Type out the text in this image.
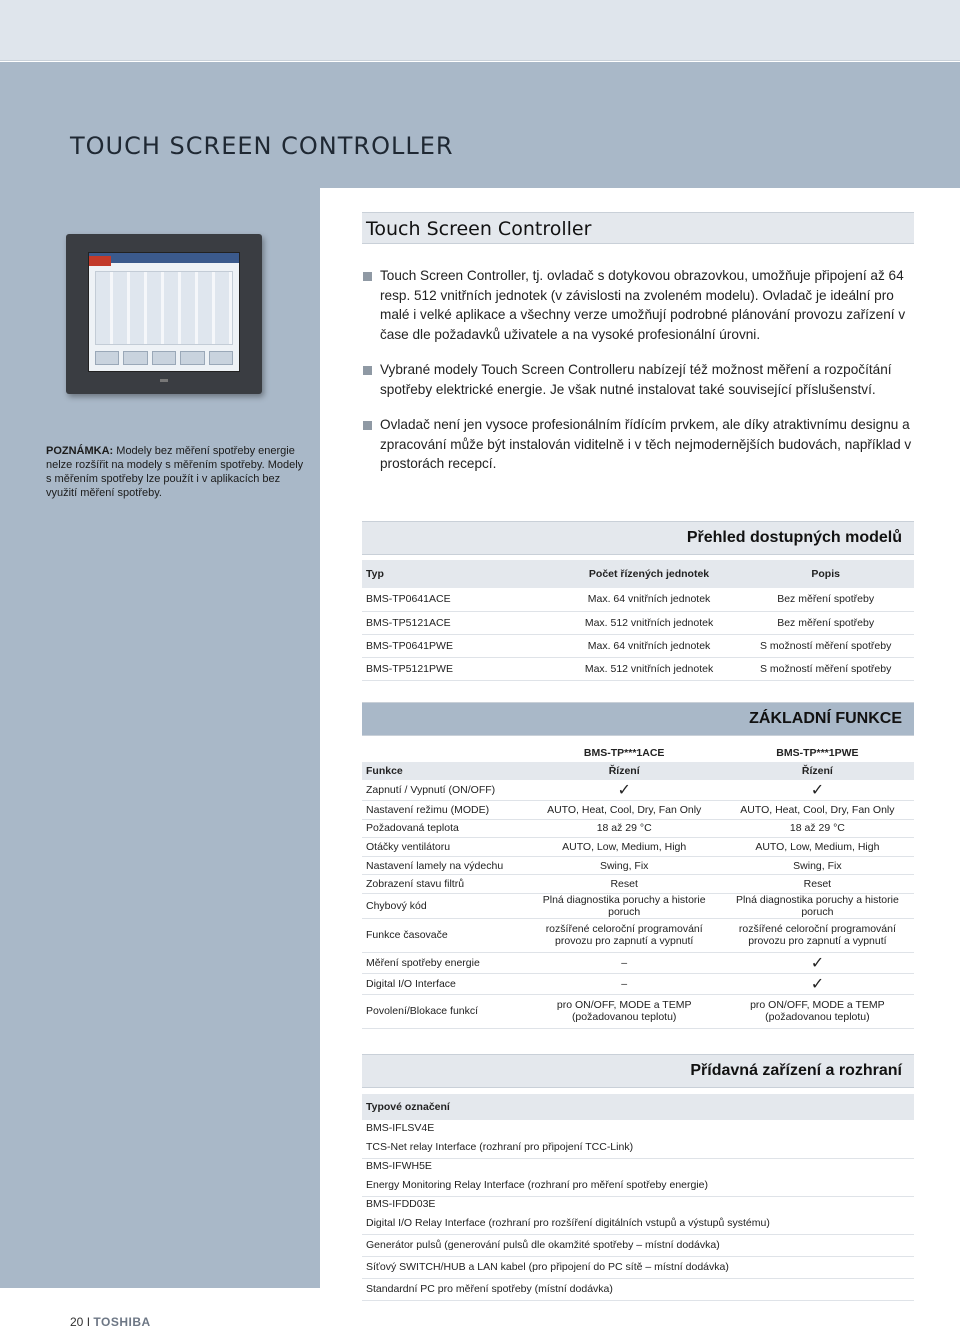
TOUCH SCREEN CONTROLLER
POZNÁMKA: Modely bez měření spotřeby energie nelze rozšířit na modely s měřením spotřeby. Modely s měřením spotřeby lze použít i v aplikacích bez využití měření spotřeby.
Touch Screen Controller
Touch Screen Controller, tj. ovladač s dotykovou obrazovkou, umožňuje připojení až 64 resp. 512 vnitřních jednotek (v závislosti na zvoleném modelu). Ovladač je ideální pro malé i velké aplikace a všechny verze umožňují podrobné plánování provozu zařízení v čase dle požadavků uživatele a na vysoké profesionální úrovni.
Vybrané modely Touch Screen Controlleru nabízejí též možnost měření a rozpočítání spotřeby elektrické energie. Je však nutné instalovat také související příslušenství.
Ovladač není jen vysoce profesionálním řídícím prvkem, ale díky atraktivnímu designu a zpracování může být instalován viditelně i v těch nejmodernějších budovách, například v prostorách recepcí.
Přehled dostupných modelů
Typ	Počet řízených jednotek	Popis
BMS-TP0641ACE	Max. 64 vnitřních jednotek	Bez měření spotřeby
BMS-TP5121ACE	Max. 512 vnitřních jednotek	Bez měření spotřeby
BMS-TP0641PWE	Max. 64 vnitřních jednotek	S možností měření spotřeby
BMS-TP5121PWE	Max. 512 vnitřních jednotek	S možností měření spotřeby
ZÁKLADNÍ FUNKCE
	BMS-TP***1ACE	BMS-TP***1PWE
Funkce	Řízení	Řízení
Zapnutí / Vypnutí (ON/OFF)	✓	✓
Nastavení režimu (MODE)	AUTO, Heat, Cool, Dry, Fan Only	AUTO, Heat, Cool, Dry, Fan Only
Požadovaná teplota	18 až 29 °C	18 až 29 °C
Otáčky ventilátoru	AUTO, Low, Medium, High	AUTO, Low, Medium, High
Nastavení lamely na výdechu	Swing, Fix	Swing, Fix
Zobrazení stavu filtrů	Reset	Reset
Chybový kód	Plná diagnostika poruchy a historie poruch	Plná diagnostika poruchy a historie poruch
Funkce časovače	rozšířené celoroční programování provozu pro zapnutí a vypnutí	rozšířené celoroční programování provozu pro zapnutí a vypnutí
Měření spotřeby energie	–	✓
Digital I/O Interface	–	✓
Povolení/Blokace funkcí	pro ON/OFF, MODE a TEMP (požadovanou teplotu)	pro ON/OFF, MODE a TEMP (požadovanou teplotu)
Přídavná zařízení a rozhraní
Typové označení
BMS-IFLSV4E
TCS-Net relay Interface (rozhraní pro připojení TCC-Link)
BMS-IFWH5E
Energy Monitoring Relay Interface (rozhraní pro měření spotřeby energie)
BMS-IFDD03E
Digital I/O Relay Interface (rozhraní pro rozšíření digitálních vstupů a výstupů systému)
Generátor pulsů (generování pulsů dle okamžité spotřeby – místní dodávka)
Síťový SWITCH/HUB a LAN kabel (pro připojení do PC sítě – místní dodávka)
Standardní PC pro měření spotřeby (místní dodávka)
20 I TOSHIBA
